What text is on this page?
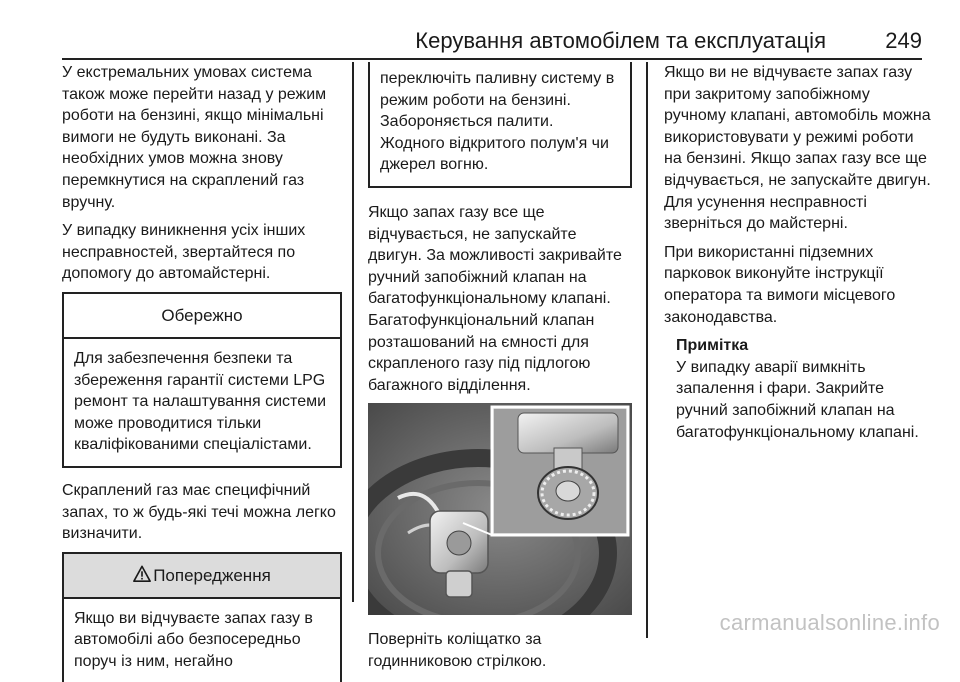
Керування автомобілем та експлуатація	249

У екстремальних умовах система також може перейти назад у режим роботи на бензині, якщо мінімальні вимоги не будуть виконані. За необхідних умов можна знову перемкнутися на скраплений газ вручну.

У випадку виникнення усіх інших несправностей, звертайтеся по допомогу до автомайстерні.

Обережно
Для забезпечення безпеки та збереження гарантії системи LPG ремонт та налаштування системи може проводитися тільки кваліфікованими спеціалістами.

Скраплений газ має специфічний запах, то ж будь-які течі можна легко визначити.

Попередження
Якщо ви відчуваєте запах газу в автомобілі або безпосередньо поруч із ним, негайно
переключіть паливну систему в режим роботи на бензині. Забороняється палити. Жодного відкритого полум'я чи джерел вогню.

Якщо запах газу все ще відчувається, не запускайте двигун. За можливості закривайте ручний запобіжний клапан на багатофункціональному клапані. Багатофункціональний клапан розташований на ємності для скрапленого газу під підлогою багажного відділення.

Поверніть коліщатко за годинниковою стрілкою.

Якщо ви не відчуваєте запах газу при закритому запобіжному ручному клапані, автомобіль можна використовувати у режимі роботи на бензині. Якщо запах газу все ще відчувається, не запускайте двигун. Для усунення несправності зверніться до майстерні.

При використанні підземних парковок виконуйте інструкції оператора та вимоги місцевого законодавства.

Примітка

У випадку аварії вимкніть запалення і фари. Закрийте ручний запобіжний клапан на багатофункціональному клапані.

carmanualsonline.info
